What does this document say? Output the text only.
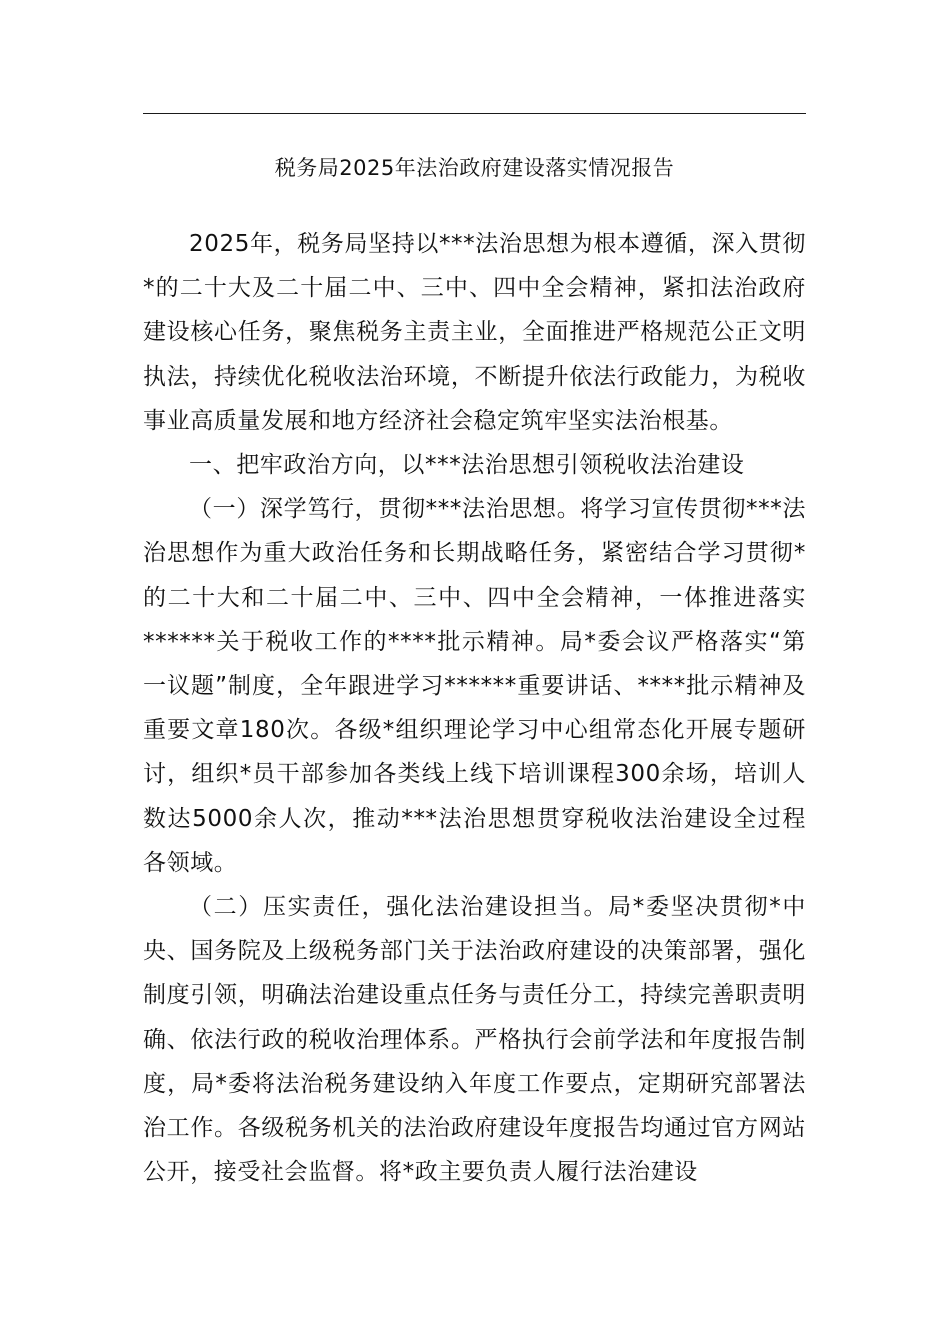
税务局2025年法治政府建设落实情况报告

2025年，税务局坚持以***法治思想为根本遵循，深入贯彻*的二十大及二十届二中、三中、四中全会精神，紧扣法治政府建设核心任务，聚焦税务主责主业，全面推进严格规范公正文明执法，持续优化税收法治环境，不断提升依法行政能力，为税收事业高质量发展和地方经济社会稳定筑牢坚实法治根基。

一、把牢政治方向，以***法治思想引领税收法治建设

（一）深学笃行，贯彻***法治思想。将学习宣传贯彻***法治思想作为重大政治任务和长期战略任务，紧密结合学习贯彻*的二十大和二十届二中、三中、四中全会精神，一体推进落实******关于税收工作的****批示精神。局*委会议严格落实“第一议题”制度，全年跟进学习******重要讲话、****批示精神及重要文章180次。各级*组织理论学习中心组常态化开展专题研讨，组织*员干部参加各类线上线下培训课程300余场，培训人数达5000余人次，推动***法治思想贯穿税收法治建设全过程各领域。

（二）压实责任，强化法治建设担当。局*委坚决贯彻*中央、国务院及上级税务部门关于法治政府建设的决策部署，强化制度引领，明确法治建设重点任务与责任分工，持续完善职责明确、依法行政的税收治理体系。严格执行会前学法和年度报告制度，局*委将法治税务建设纳入年度工作要点，定期研究部署法治工作。各级税务机关的法治政府建设年度报告均通过官方网站公开，接受社会监督。将*政主要负责人履行法治建设
